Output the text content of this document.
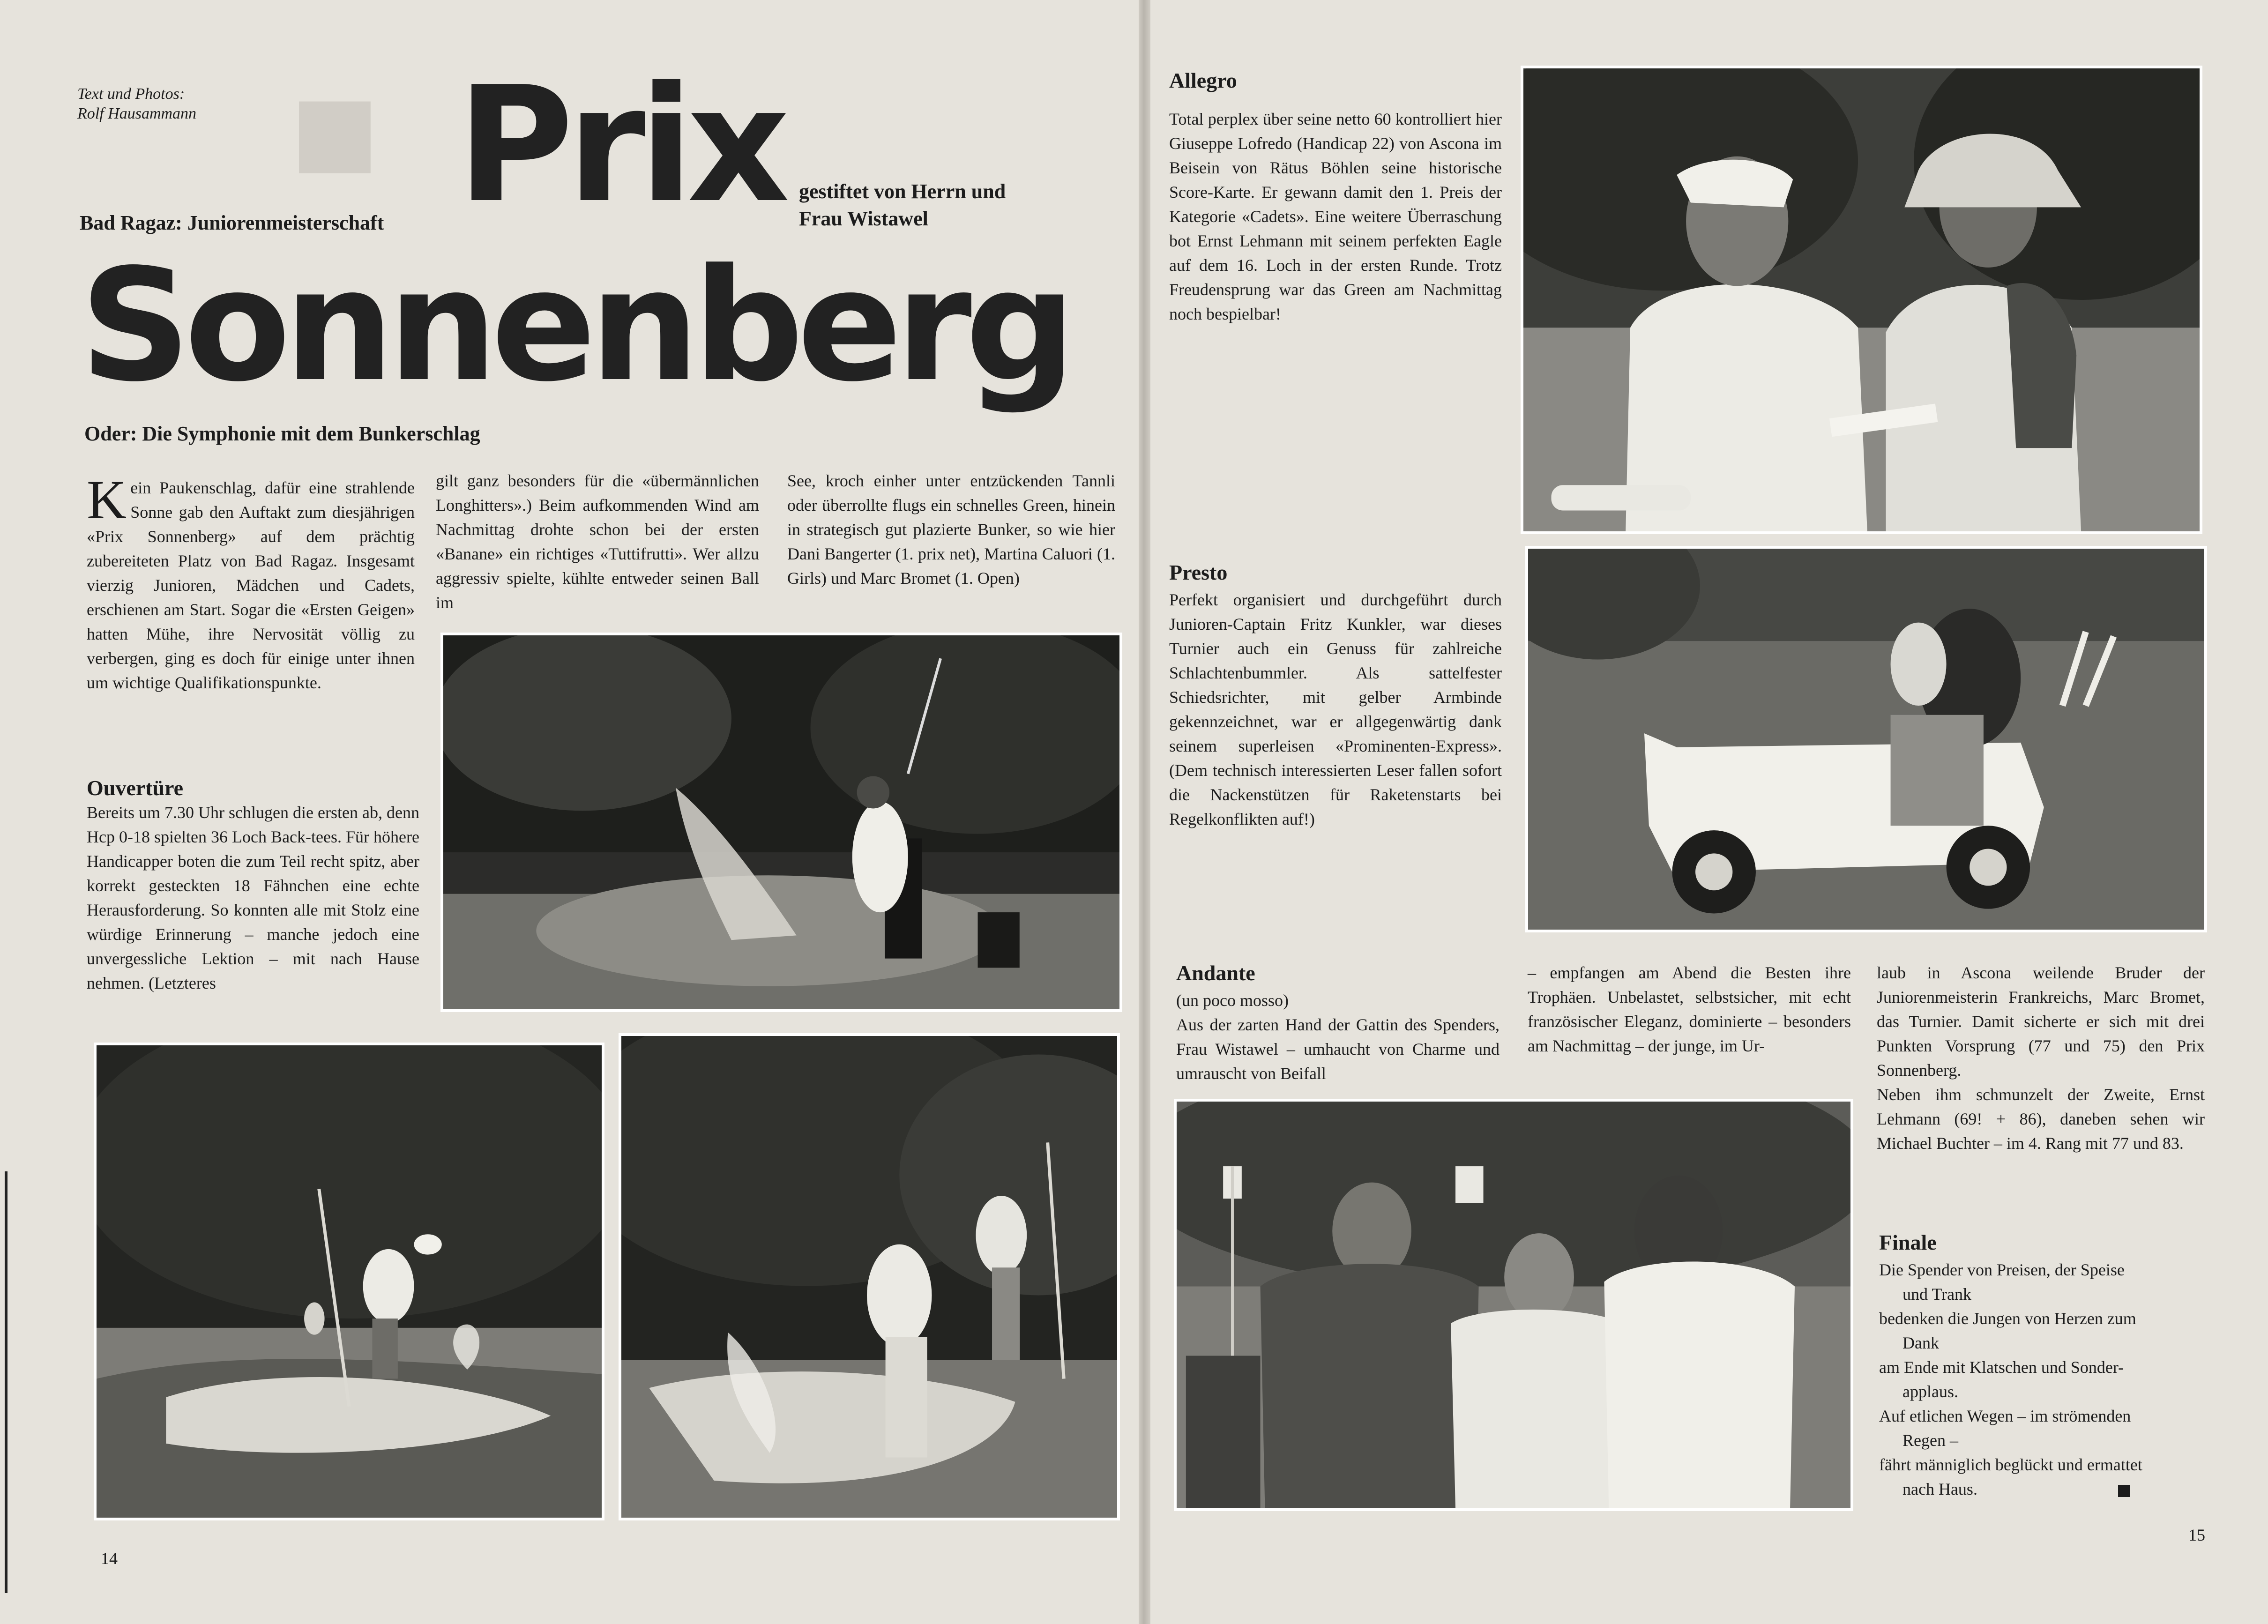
■
Text und Photos:
Rolf Hausammann Prix
Bad Ragaz: Juniorenmeisterschaft
gestiftet von Herrn und
Frau Wistawel
Sonnenberg
Oder: Die Symphonie mit dem Bunkerschlag

Kein Paukenschlag, dafür eine strahlende Sonne gab den Auftakt zum diesjährigen «Prix Sonnenberg» auf dem prächtig zubereiteten Platz von Bad Ragaz. Insgesamt vierzig Junioren, Mädchen und Cadets, erschienen am Start. Sogar die «Ersten Geigen» hatten Mühe, ihre Nervosität völlig zu verbergen, ging es doch für einige unter ihnen um wichtige Qualifikationspunkte.

gilt ganz besonders für die «übermännlichen Longhitters».) Beim aufkommenden Wind am Nachmittag drohte schon bei der ersten «Banane» ein richtiges «Tuttifrutti». Wer allzu aggressiv spielte, kühlte entweder seinen Ball im

See, kroch einher unter entzückenden Tannli oder überrollte flugs ein schnelles Green, hinein in strategisch gut plazierte Bunker, so wie hier Dani Bangerter (1. prix net), Martina Caluori (1. Girls) und Marc Bromet (1. Open)

Ouvertüre

Bereits um 7.30 Uhr schlugen die ersten ab, denn Hcp 0-18 spielten 36 Loch Back-tees. Für höhere Handicapper boten die zum Teil recht spitz, aber korrekt gesteckten 18 Fähnchen eine echte Herausforderung. So konnten alle mit Stolz eine würdige Erinnerung – manche jedoch eine unvergessliche Lektion – mit nach Hause nehmen. (Letzteres

14

Allegro

Total perplex über seine netto 60 kontrolliert hier Giuseppe Lofredo (Handicap 22) von Ascona im Beisein von Rätus Böhlen seine historische Score-Karte. Er gewann damit den 1. Preis der Kategorie «Cadets». Eine weitere Überraschung bot Ernst Lehmann mit seinem perfekten Eagle auf dem 16. Loch in der ersten Runde. Trotz Freudensprung war das Green am Nachmittag noch bespielbar!

Presto

Perfekt organisiert und durchgeführt durch Junioren-Captain Fritz Kunkler, war dieses Turnier auch ein Genuss für zahlreiche Schlachtenbummler. Als sattelfester Schiedsrichter, mit gelber Armbinde gekennzeichnet, war er allgegenwärtig dank seinem superleisen «Prominenten-Express». (Dem technisch interessierten Leser fallen sofort die Nackenstützen für Raketenstarts bei Regelkonflikten auf!)

Andante

(un poco mosso)

Aus der zarten Hand der Gattin des Spenders, Frau Wistawel – umhaucht von Charme und umrauscht von Beifall

– empfangen am Abend die Besten ihre Trophäen. Unbelastet, selbstsicher, mit echt französischer Eleganz, dominierte – besonders am Nachmittag – der junge, im Ur-

laub in Ascona weilende Bruder der Juniorenmeisterin Frankreichs, Marc Bromet, das Turnier. Damit sicherte er sich mit drei Punkten Vorsprung (77 und 75) den Prix Sonnenberg.

Neben ihm schmunzelt der Zweite, Ernst Lehmann (69! + 86), daneben sehen wir Michael Buchter – im 4. Rang mit 77 und 83.

Finale

Die Spender von Preisen, der Speise
und Trank
bedenken die Jungen von Herzen zum
Dank
am Ende mit Klatschen und Sonder-
applaus.
Auf etlichen Wegen – im strömenden
Regen –
fährt männiglich beglückt und ermattet
nach Haus.
15
